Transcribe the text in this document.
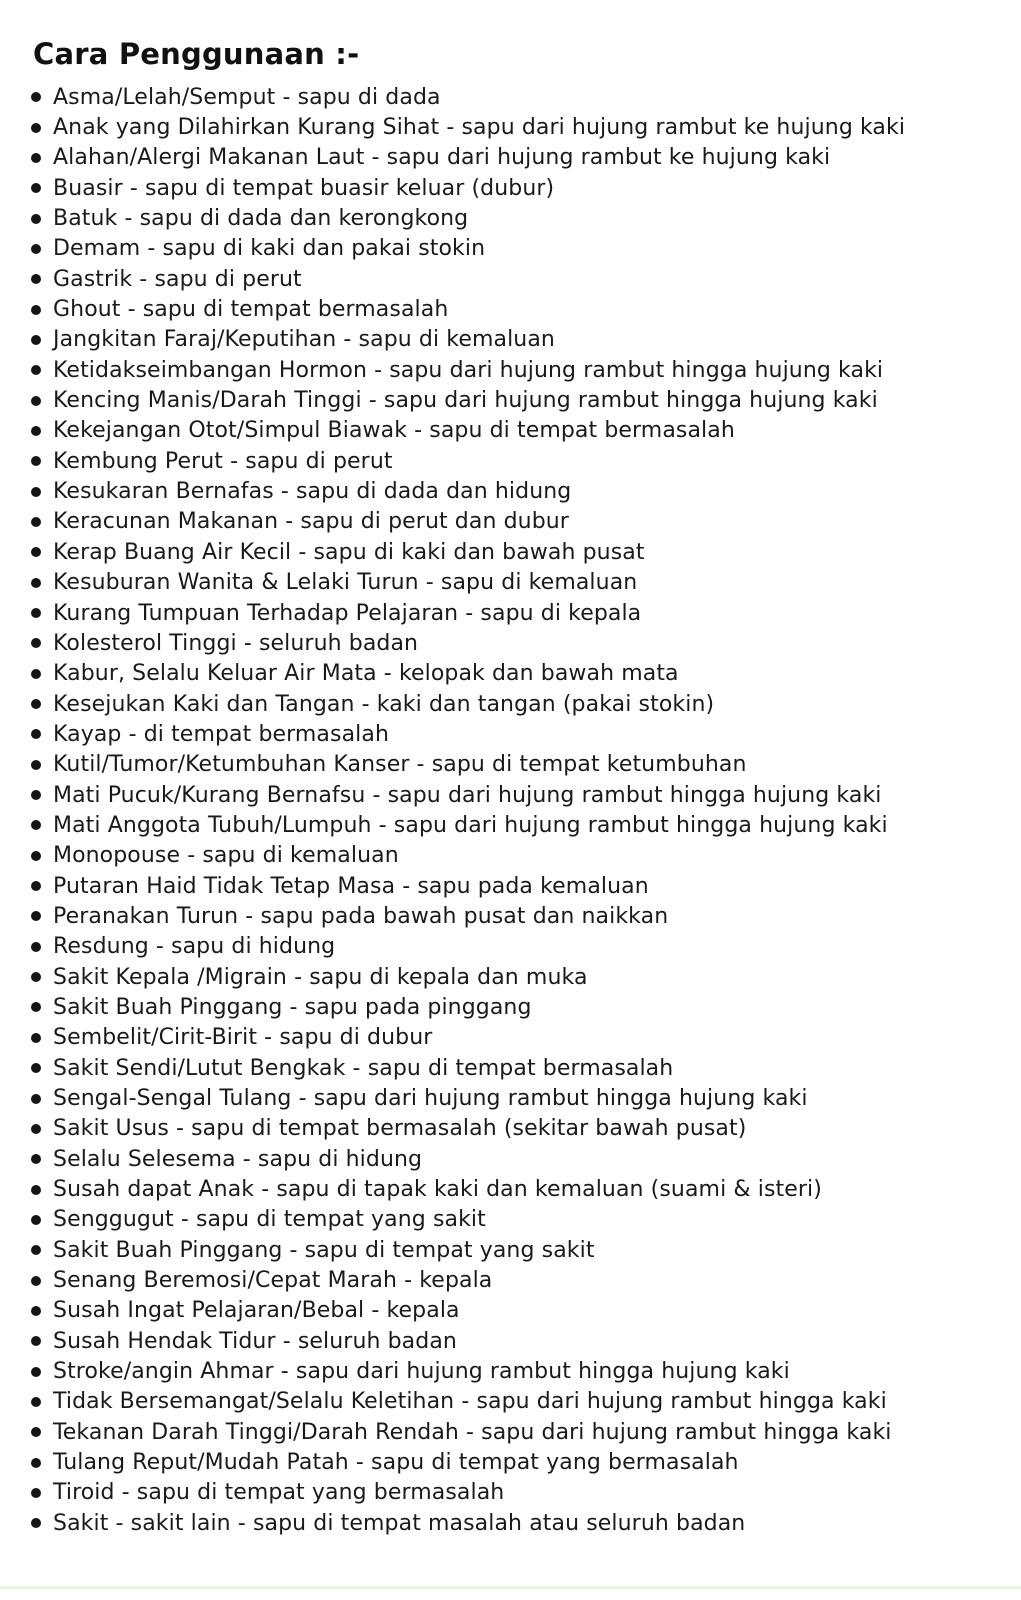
Cara Penggunaan :-
Asma/Lelah/Semput - sapu di dada
Anak yang Dilahirkan Kurang Sihat - sapu dari hujung rambut ke hujung kaki
Alahan/Alergi Makanan Laut - sapu dari hujung rambut ke hujung kaki
Buasir - sapu di tempat buasir keluar (dubur)
Batuk - sapu di dada dan kerongkong
Demam - sapu di kaki dan pakai stokin
Gastrik - sapu di perut
Ghout - sapu di tempat bermasalah
Jangkitan Faraj/Keputihan - sapu di kemaluan
Ketidakseimbangan Hormon - sapu dari hujung rambut hingga hujung kaki
Kencing Manis/Darah Tinggi - sapu dari hujung rambut hingga hujung kaki
Kekejangan Otot/Simpul Biawak - sapu di tempat bermasalah
Kembung Perut - sapu di perut
Kesukaran Bernafas - sapu di dada dan hidung
Keracunan Makanan - sapu di perut dan dubur
Kerap Buang Air Kecil - sapu di kaki dan bawah pusat
Kesuburan Wanita & Lelaki Turun - sapu di kemaluan
Kurang Tumpuan Terhadap Pelajaran - sapu di kepala
Kolesterol Tinggi - seluruh badan
Kabur, Selalu Keluar Air Mata - kelopak dan bawah mata
Kesejukan Kaki dan Tangan - kaki dan tangan (pakai stokin)
Kayap - di tempat bermasalah
Kutil/Tumor/Ketumbuhan Kanser - sapu di tempat ketumbuhan
Mati Pucuk/Kurang Bernafsu - sapu dari hujung rambut hingga hujung kaki
Mati Anggota Tubuh/Lumpuh - sapu dari hujung rambut hingga hujung kaki
Monopouse - sapu di kemaluan
Putaran Haid Tidak Tetap Masa - sapu pada kemaluan
Peranakan Turun - sapu pada bawah pusat dan naikkan
Resdung - sapu di hidung
Sakit Kepala /Migrain - sapu di kepala dan muka
Sakit Buah Pinggang - sapu pada pinggang
Sembelit/Cirit-Birit - sapu di dubur
Sakit Sendi/Lutut Bengkak - sapu di tempat bermasalah
Sengal-Sengal Tulang - sapu dari hujung rambut hingga hujung kaki
Sakit Usus - sapu di tempat bermasalah (sekitar bawah pusat)
Selalu Selesema - sapu di hidung
Susah dapat Anak - sapu di tapak kaki dan kemaluan (suami & isteri)
Senggugut - sapu di tempat yang sakit
Sakit Buah Pinggang - sapu di tempat yang sakit
Senang Beremosi/Cepat Marah - kepala
Susah Ingat Pelajaran/Bebal - kepala
Susah Hendak Tidur - seluruh badan
Stroke/angin Ahmar - sapu dari hujung rambut hingga hujung kaki
Tidak Bersemangat/Selalu Keletihan - sapu dari hujung rambut hingga kaki
Tekanan Darah Tinggi/Darah Rendah - sapu dari hujung rambut hingga kaki
Tulang Reput/Mudah Patah - sapu di tempat yang bermasalah
Tiroid - sapu di tempat yang bermasalah
Sakit - sakit lain - sapu di tempat masalah atau seluruh badan
